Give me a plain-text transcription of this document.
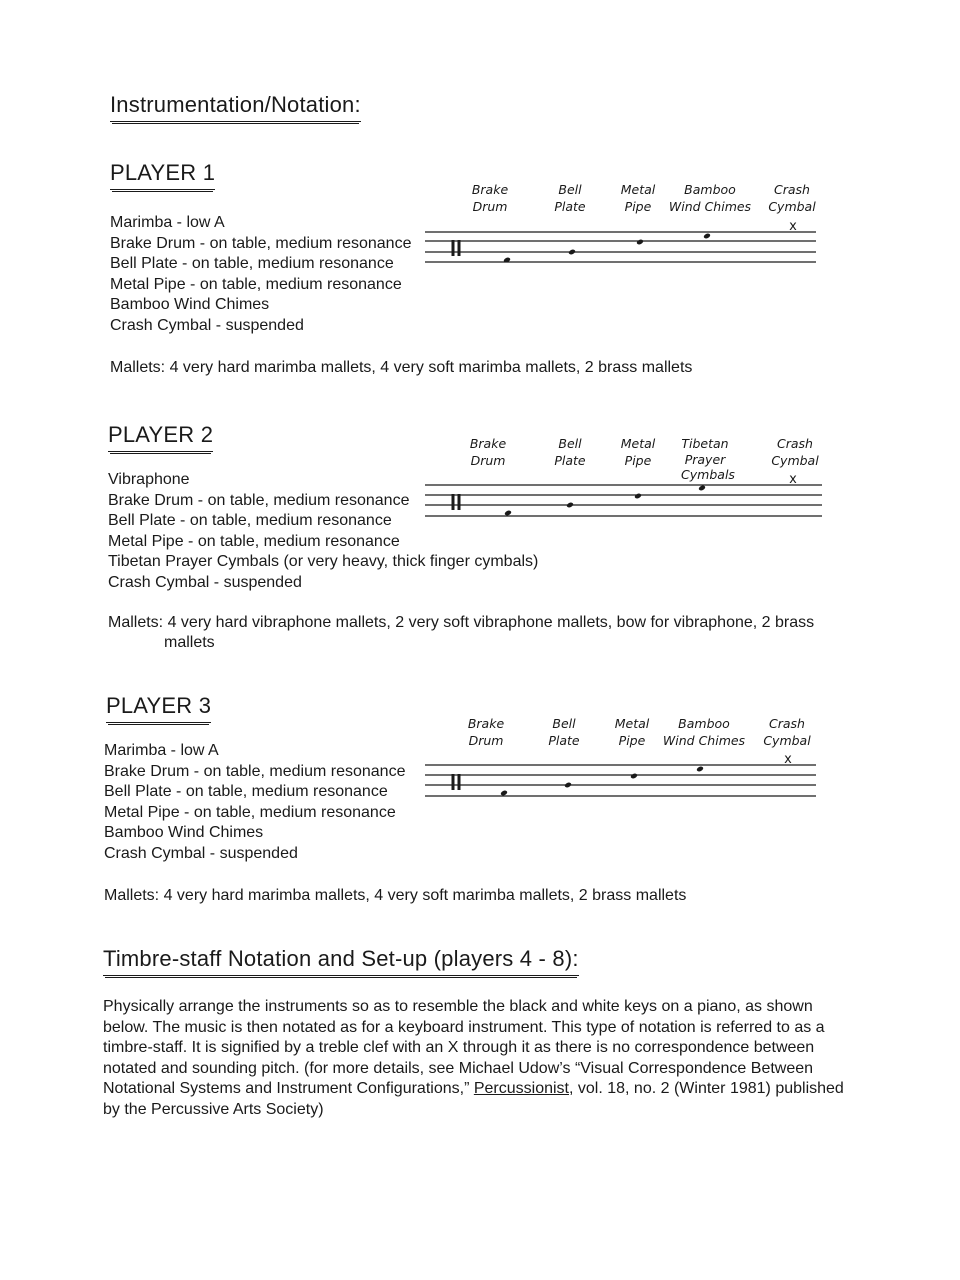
Instrumentation/Notation:
PLAYER 1
Marimba - low A
Brake Drum - on table, medium resonance
Bell Plate - on table, medium resonance
Metal Pipe - on table, medium resonance
Bamboo Wind Chimes
Crash Cymbal - suspended
Brake
Drum
Bell
Plate
Metal
Pipe
Bamboo
Wind Chimes
Crash
Cymbal
x
Mallets: 4 very hard marimba mallets, 4 very soft marimba mallets, 2 brass mallets
PLAYER 2
Vibraphone
Brake Drum - on table, medium resonance
Bell Plate - on table, medium resonance
Metal Pipe - on table, medium resonance
Tibetan Prayer Cymbals (or very heavy, thick finger cymbals)
Crash Cymbal - suspended
Brake
Drum
Bell
Plate
Metal
Pipe
Tibetan
Prayer
Cymbals
Crash
Cymbal
x
Mallets: 4 very hard vibraphone mallets, 2 very soft vibraphone mallets, bow for vibraphone, 2 brass
mallets
PLAYER 3
Marimba - low A
Brake Drum - on table, medium resonance
Bell Plate - on table, medium resonance
Metal Pipe - on table, medium resonance
Bamboo Wind Chimes
Crash Cymbal - suspended
Brake
Drum
Bell
Plate
Metal
Pipe
Bamboo
Wind Chimes
Crash
Cymbal
x
Mallets: 4 very hard marimba mallets, 4 very soft marimba mallets, 2 brass mallets
Timbre-staff Notation and Set-up (players 4 - 8):
Physically arrange the instruments so as to resemble the black and white keys on a piano, as shown below. The music is then notated as for a keyboard instrument. This type of notation is referred to as a timbre-staff. It is signified by a treble clef with an X through it as there is no correspondence between notated and sounding pitch. (for more details, see Michael Udow’s “Visual Correspondence Between Notational Systems and Instrument Configurations,” Percussionist, vol. 18, no. 2 (Winter 1981) published by the Percussive Arts Society)
